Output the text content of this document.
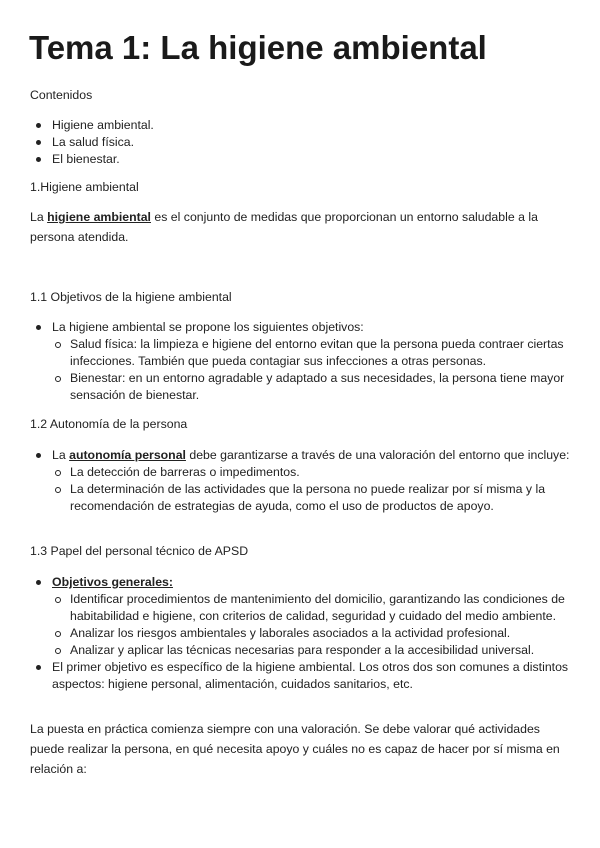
Tema 1: La higiene ambiental
Contenidos
Higiene ambiental.
La salud física.
El bienestar.
1.Higiene ambiental
La higiene ambiental es el conjunto de medidas que proporcionan un entorno saludable a la persona atendida.
1.1 Objetivos de la higiene ambiental
La higiene ambiental se propone los siguientes objetivos:
Salud física: la limpieza e higiene del entorno evitan que la persona pueda contraer ciertas infecciones. También que pueda contagiar sus infecciones a otras personas.
Bienestar: en un entorno agradable y adaptado a sus necesidades, la persona tiene mayor sensación de bienestar.
1.2 Autonomía de la persona
La autonomía personal debe garantizarse a través de una valoración del entorno que incluye:
La detección de barreras o impedimentos.
La determinación de las actividades que la persona no puede realizar por sí misma y la recomendación de estrategias de ayuda, como el uso de productos de apoyo.
1.3 Papel del personal técnico de APSD
Objetivos generales:
Identificar procedimientos de mantenimiento del domicilio, garantizando las condiciones de habitabilidad e higiene, con criterios de calidad, seguridad y cuidado del medio ambiente.
Analizar los riesgos ambientales y laborales asociados a la actividad profesional.
Analizar y aplicar las técnicas necesarias para responder a la accesibilidad universal.
El primer objetivo es específico de la higiene ambiental. Los otros dos son comunes a distintos aspectos: higiene personal, alimentación, cuidados sanitarios, etc.
La puesta en práctica comienza siempre con una valoración. Se debe valorar qué actividades puede realizar la persona, en qué necesita apoyo y cuáles no es capaz de hacer por sí misma en relación a:
